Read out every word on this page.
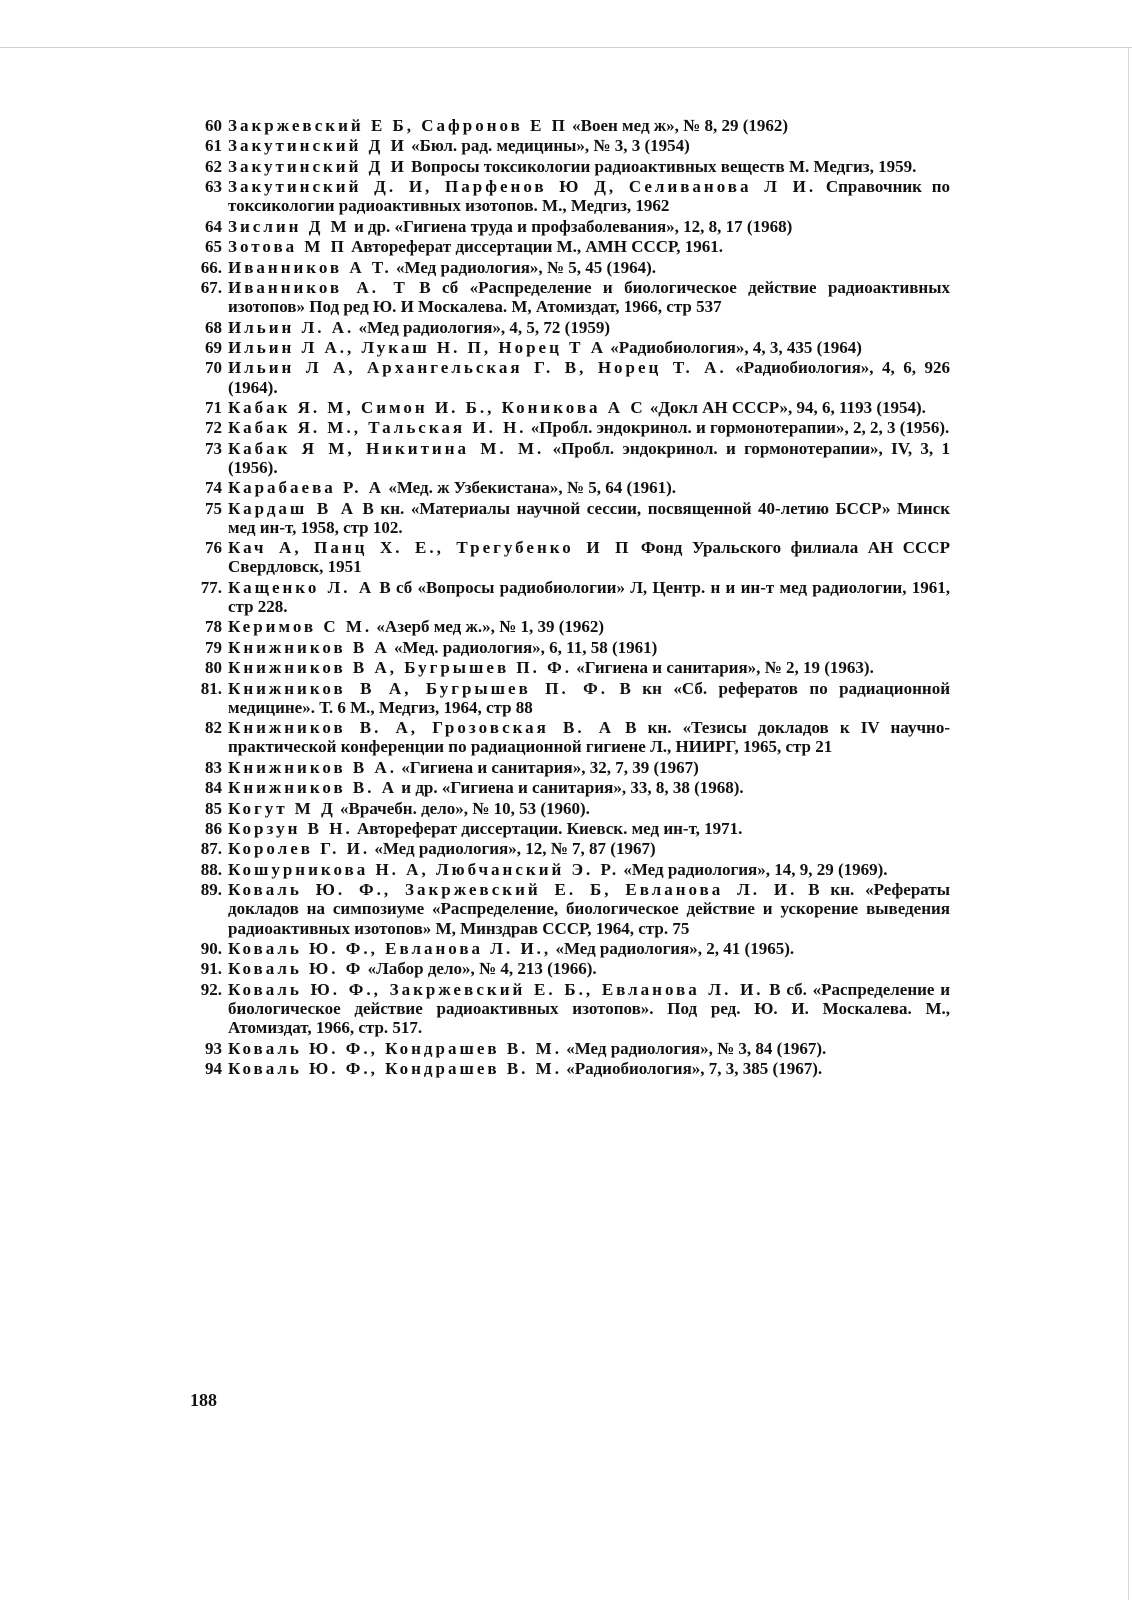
60 Закржевский Е Б, Сафронов Е П «Воен мед ж», № 8, 29 (1962)
61 Закутинский Д И «Бюл. рад. медицины», № 3, 3 (1954)
62 Закутинский Д И Вопросы токсикологии радиоактивных веществ М. Медгиз, 1959.
63 Закутинский Д. И, Парфенов Ю Д, Селиванова Л И. Справочник по токсикологии радиоактивных изотопов. М., Медгиз, 1962
64 Зислин Д М и др. «Гигиена труда и профзаболевания», 12, 8, 17 (1968)
65 Зотова М П Автореферат диссертации М., АМН СССР, 1961.
66. Иванников А Т. «Мед радиология», № 5, 45 (1964).
67. Иванников А. Т В сб «Распределение и биологическое действие радиоактивных изотопов» Под ред Ю. И Москалева. М, Атомиздат, 1966, стр 537
68 Ильин Л. А. «Мед радиология», 4, 5, 72 (1959)
69 Ильин Л А., Лукаш Н. П, Норец Т А «Радиобиология», 4, 3, 435 (1964)
70 Ильин Л А, Архангельская Г. В, Норец Т. А. «Радиобиология», 4, 6, 926 (1964).
71 Кабак Я. М, Симон И. Б., Коникова А С «Докл АН СССР», 94, 6, 1193 (1954).
72 Кабак Я. М., Тальская И. Н. «Пробл. эндокринол. и гормонотерапии», 2, 2, 3 (1956).
73 Кабак Я М, Никитина М. М. «Пробл. эндокринол. и гормонотерапии», IV, 3, 1 (1956).
74 Карабаева Р. А «Мед. ж Узбекистана», № 5, 64 (1961).
75 Кардаш В А В кн. «Материалы научной сессии, посвященной 40-летию БССР» Минск мед ин-т, 1958, стр 102.
76 Кач А, Панц Х. Е., Трегубенко И П Фонд Уральского филиала АН СССР Свердловск, 1951
77. Кащенко Л. А В сб «Вопросы радиобиологии» Л, Центр. н и ин-т мед радиологии, 1961, стр 228.
78 Керимов С М. «Азерб мед ж.», № 1, 39 (1962)
79 Книжников В А «Мед. радиология», 6, 11, 58 (1961)
80 Книжников В А, Бугрышев П. Ф. «Гигиена и санитария», № 2, 19 (1963).
81. Книжников В А, Бугрышев П. Ф. В кн «Сб. рефератов по радиационной медицине». Т. 6 М., Медгиз, 1964, стр 88
82 Книжников В. А, Грозовская В. А В кн. «Тезисы докладов к IV научно-практической конференции по радиационной гигиене Л., НИИРГ, 1965, стр 21
83 Книжников В А. «Гигиена и санитария», 32, 7, 39 (1967)
84 Книжников В. А и др. «Гигиена и санитария», 33, 8, 38 (1968).
85 Когут М Д «Врачебн. дело», № 10, 53 (1960).
86 Корзун В Н. Автореферат диссертации. Киевск. мед ин-т, 1971.
87. Королев Г. И. «Мед радиология», 12, № 7, 87 (1967)
88. Кошурникова Н. А, Любчанский Э. Р. «Мед радиология», 14, 9, 29 (1969).
89. Коваль Ю. Ф., Закржевский Е. Б, Евланова Л. И. В кн. «Рефераты докладов на симпозиуме «Распределение, биологическое действие и ускорение выведения радиоактивных изотопов» М, Минздрав СССР, 1964, стр. 75
90. Коваль Ю. Ф., Евланова Л. И., «Мед радиология», 2, 41 (1965).
91. Коваль Ю. Ф «Лабор дело», № 4, 213 (1966).
92. Коваль Ю. Ф., Закржевский Е. Б., Евланова Л. И. В сб. «Распределение и биологическое действие радиоактивных изотопов». Под ред. Ю. И. Москалева. М., Атомиздат, 1966, стр. 517.
93 Коваль Ю. Ф., Кондрашев В. М. «Мед радиология», № 3, 84 (1967).
94 Коваль Ю. Ф., Кондрашев В. М. «Радиобиология», 7, 3, 385 (1967).
188
